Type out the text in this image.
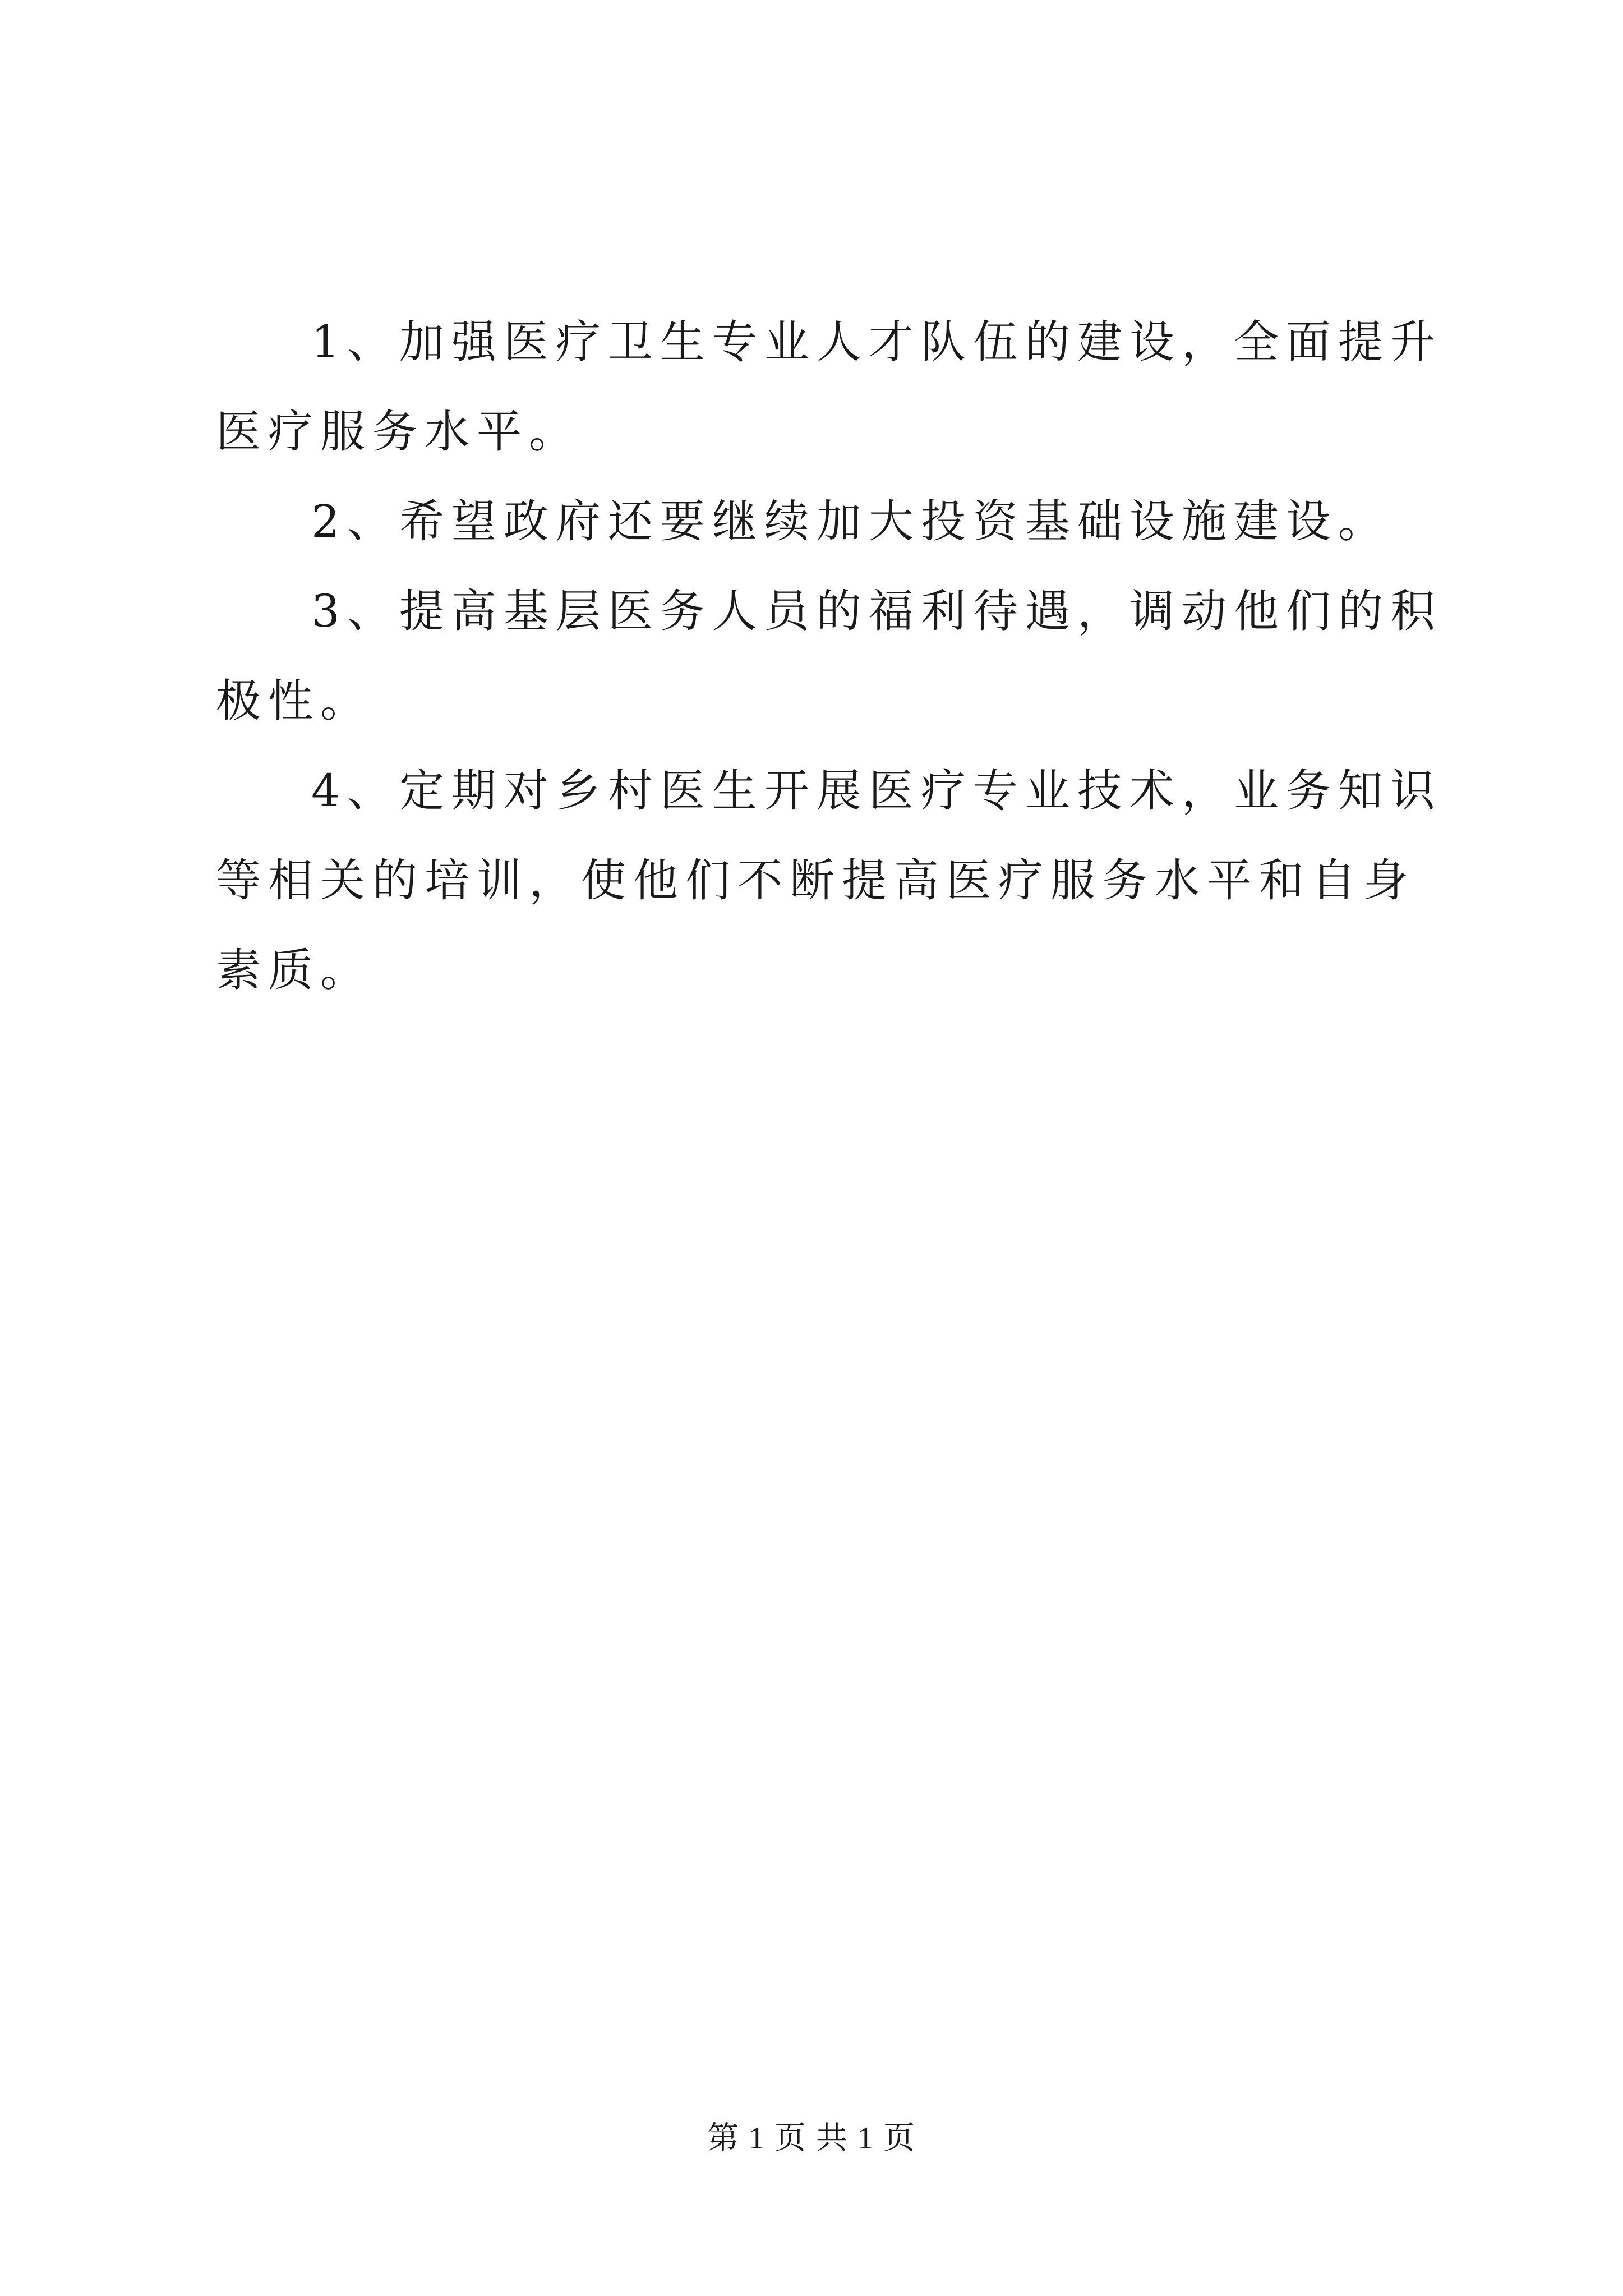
1、加强医疗卫生专业人才队伍的建设，全面提升医疗服务水平。

2、希望政府还要继续加大投资基础设施建设。

3、提高基层医务人员的福利待遇，调动他们的积极性。

4、定期对乡村医生开展医疗专业技术，业务知识等相关的培训，使他们不断提高医疗服务水平和自身素质。

第 1 页 共 1 页
